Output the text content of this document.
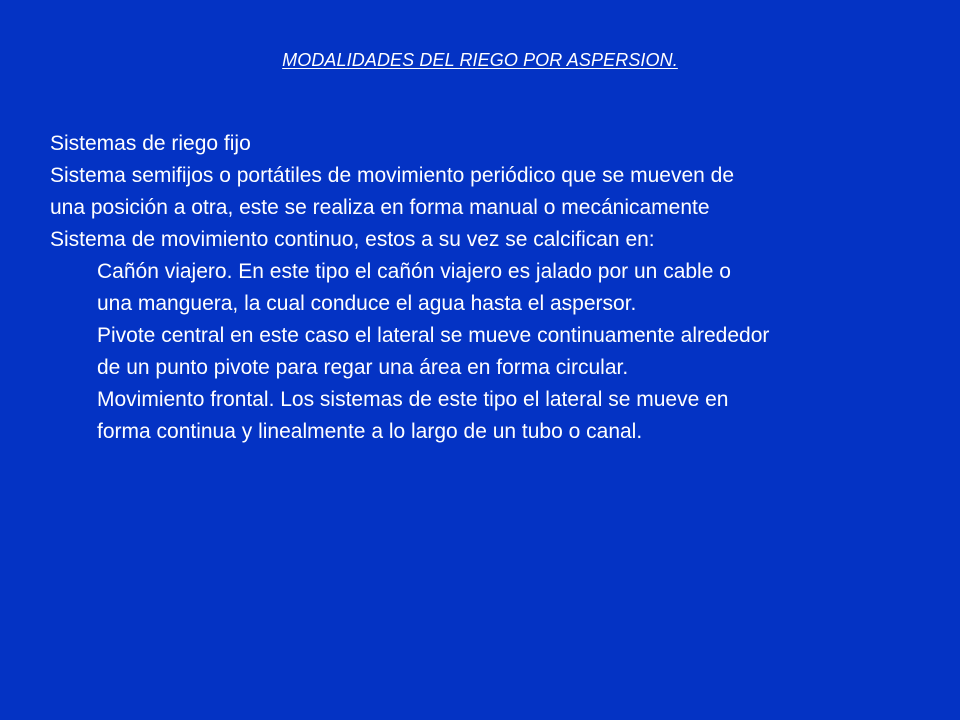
MODALIDADES DEL RIEGO POR ASPERSION.
Sistemas de riego fijo
Sistema semifijos o portátiles de movimiento periódico que se mueven de
una posición a otra, este se realiza en forma manual o mecánicamente
Sistema de movimiento continuo, estos a su vez se calcifican en:
Cañón viajero. En este tipo el cañón viajero es jalado por un cable o
una manguera, la cual conduce el agua hasta el aspersor.
Pivote central en este caso el lateral se mueve continuamente alrededor
de un punto pivote para regar una área en forma circular.
Movimiento frontal. Los sistemas de este tipo el lateral se mueve en
forma continua y linealmente a lo largo de un tubo o canal.
